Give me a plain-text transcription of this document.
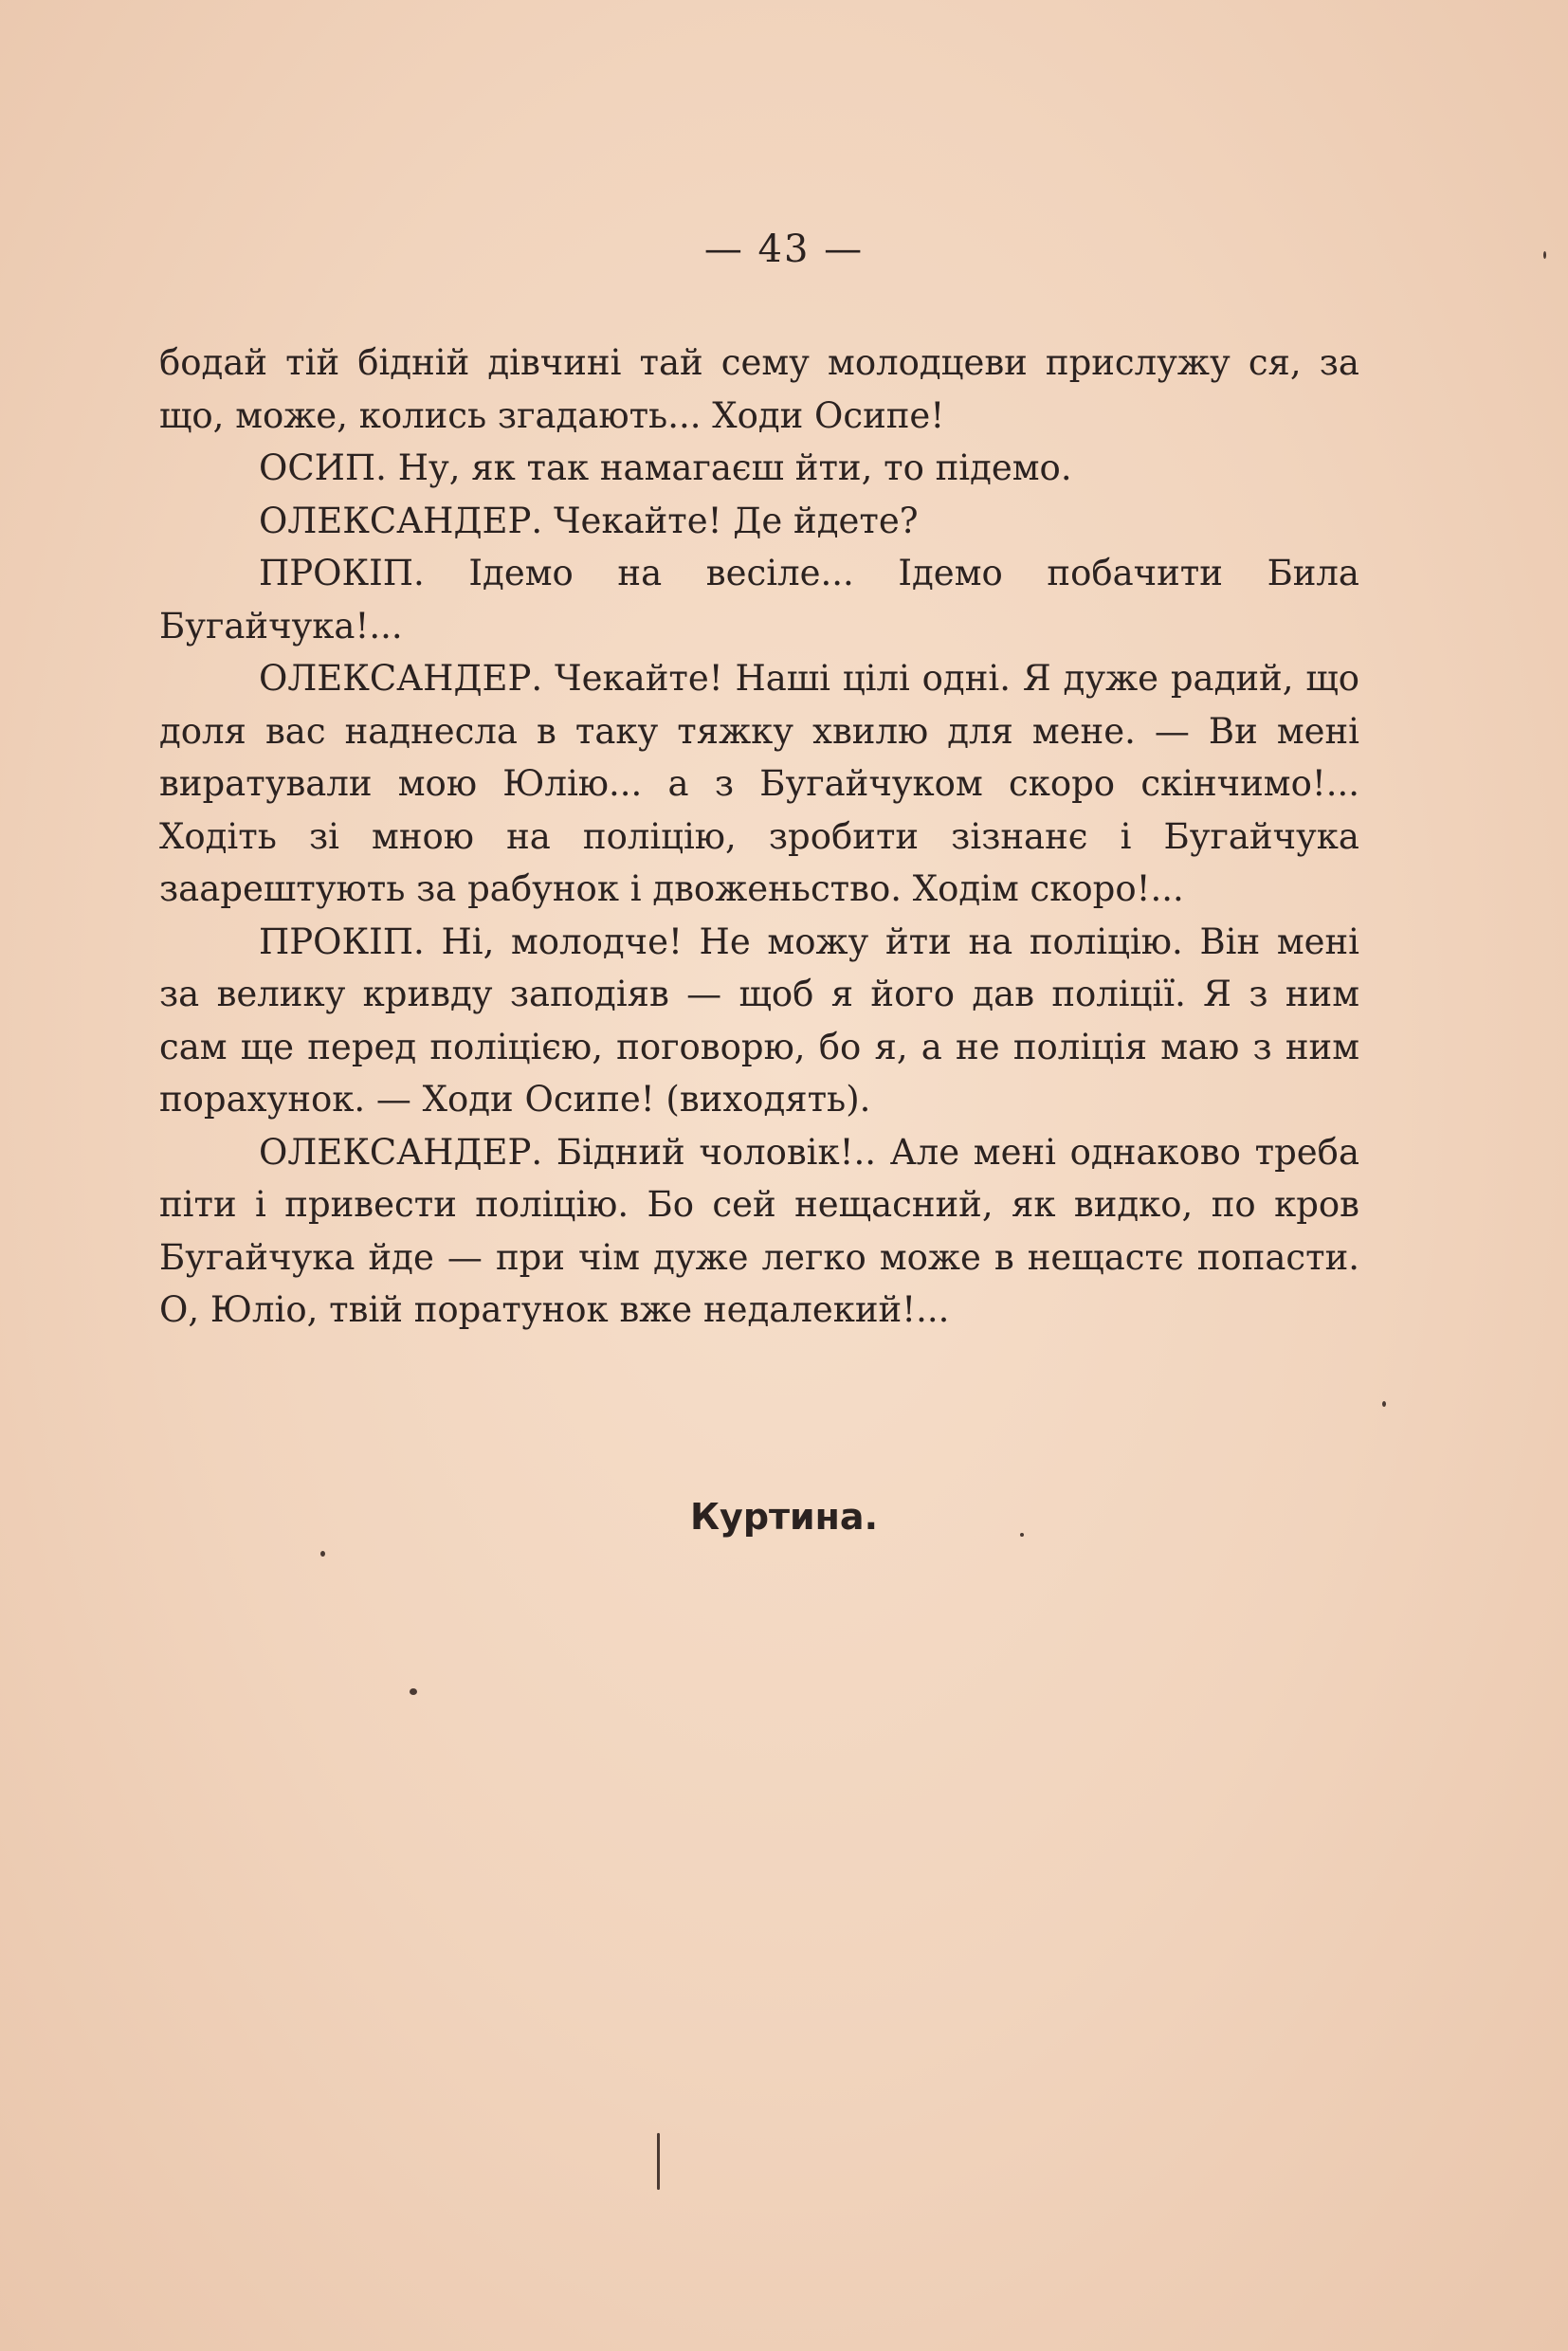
— 43 —

бодай тій бідній дівчині тай сему молодцеви прислужу ся, за що, може, колись згадають... Ходи Осипе!

ОСИП. Ну, як так намагаєш йти, то підемо.

ОЛЕКСАНДЕР. Чекайте! Де йдете?

ПРОКІП. Ідемо на весіле... Ідемо побачити Била Бугайчука!...

ОЛЕКСАНДЕР. Чекайте! Наші цілі одні. Я дуже радий, що доля вас наднесла в таку тяжку хвилю для мене. — Ви мені виратували мою Юлію... а з Бугайчуком скоро скінчимо!... Ходіть зі мною на поліцію, зробити зізнанє і Бугайчука заарештують за рабунок і двоженьство. Ходім скоро!...

ПРОКІП. Ні, молодче! Не можу йти на поліцію. Він мені за велику кривду заподіяв — щоб я його дав поліції. Я з ним сам ще перед поліцією, поговорю, бо я, а не поліція маю з ним порахунок. — Ходи Осипе! (виходять).

ОЛЕКСАНДЕР. Бідний чоловік!.. Але мені однаково треба піти і привести поліцію. Бо сей нещасний, як видко, по кров Бугайчука йде — при чім дуже легко може в нещастє попасти. О, Юліо, твій поратунок вже недалекий!...

Куртина.
